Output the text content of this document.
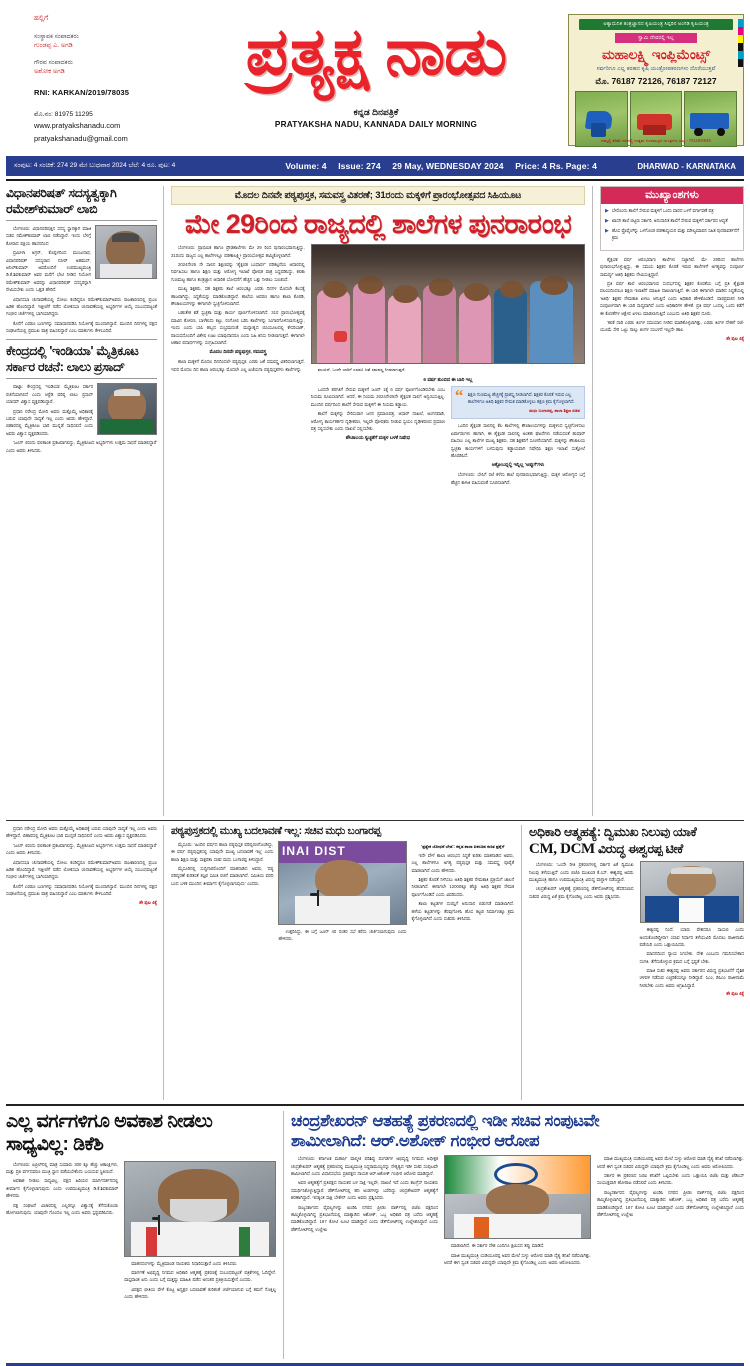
ಹಲ್ಲಿಗೆ
ಸಂಸ್ಥಾಪಕ ಸಂಪಾದಕರು
ಗುಂಡಪ್ಪ ಎ. ಅಗಡಿ
ಗೌರವ ಸಂಪಾದಕರು
ಅಶೋಕ ಅಗಡಿ
RNI: KARKAN/2019/78035
ಮೊ.ನಂ: 81975 11295
www.pratyakshanadu.com
pratyakshanadu@gmail.com
ಪ್ರತ್ಯಕ್ಷ ನಾಡು
ಕನ್ನಡ ದಿನಪತ್ರಿಕೆ
PRATYAKSHA NADU, KANNADA DAILY MORNING
ಅತ್ಯಾಧುನಿಕ ತಂತ್ರಜ್ಞಾನದ ಕೃಷಿಯಂತ್ರ ಸಿಪ್ಪರಿನ ಅಂಗಡಿ ಕೃಷಿಯಂತ್ರ
ಸ್ವಾಮಿ ದೇವರಲ್ಲಿ ಇಲ್ಲ
ಮಹಾಲಕ್ಷ್ಮಿ ಇಂಪ್ಲಿಮೆಂಟ್ಸ್
ಸರ್ವರಿಗೂ ಎಲ್ಲ ತರಹದ ಕೃಷಿ ಯಂತ್ರೋಪಕರಣಗಳು ದೊರೆಯುತ್ತವೆ
ಮೊ. 76187 72126, 76187 72127
ನಮ್ಮಲ್ಲಿ ಕಡಿಮೆ ದರದಲ್ಲಿ ಉತ್ತಮ ಗುಣಮಟ್ಟದ ಯಂತ್ರಗಳು ಲಭ್ಯ - 76119/6949
ಸಂಪುಟ: 4 ಸಂಚಿಕೆ: 274 29 ಮೇ ಬುಧವಾರ 2024 ಬೆಲೆ: 4 ರೂ. ಪುಟ: 4	Volume: 4 Issue: 274 29 May, WEDNESDAY 2024 Price: 4 Rs. Page: 4	DHARWAD - KARNATAKA
ವಿಧಾನಪರಿಷತ್ ಸದಸ್ಯತ್ವಕ್ಕಾಗಿ ರಮೇಶ್‍ಕುಮಾರ್ ಲಾಬಿ

ಬೆಂಗಳೂರು: ವಿಧಾನಪರಿಷತ್ತಿನ ಸದಸ್ಯ ಸ್ಥಾನಕ್ಕಾಗಿ ಮಾಜಿ ಸಚಿವ ರಮೇಶ್‍ಕುಮಾರ್ ಲಾಬಿ ನಡೆಸಿದ್ದಾರೆ. ಇಂದು ಬೆಳಗ್ಗೆ ಕೋರಾದ ಪಕ್ಷಿಯ ಹಾಸನದಿಂದ

ಪ್ರಮೀಳಾ ಅಗ್ರರ್, ಕೊಪ್ಪಳದಿಂದ ಮಂಜುನಾಥ, ವಿಧಾನಪರಿಷತ್ ಸದಸ್ಯರಾದ ನಸೀರ್ ಅಹಮದ್, ಅನಿಲ್‍ಕುಮಾರ್ ಅವರೊಂದಿಗೆ ಉಪಮುಖ್ಯಮಂತ್ರಿ ಡಿ.ಕೆ.ಶಿವಕುಮಾರ್ ಅವರ ಮನೆಗೆ ಭೇಟಿ ನೀಡಿದ ನಿಯೋಗ ರಮೇಶ್‍ಕುಮಾರ್ ಅವರನ್ನು ವಿಧಾನಪರಿಷತ್ ಸದಸ್ಯರನ್ನಾಗಿ ನೇಮಿಸಬೇಕು ಎಂದು ಒತ್ತಡ ಹೇರಿದೆ.

ವಿಧಾನಸಭಾ ಚುನಾವಣೆಯಲ್ಲಿ ಸೋಲು ಕಂಡಿದ್ದರೂ ರಮೇಶ್‍ಕುಮಾರ್‍ಅವರು ರಾಜಕಾರಣದಲ್ಲಿ ಪ್ರಬಲ ಹಿಡಿತ ಹೊಂದಿದ್ದಾರೆ. ಇತ್ತೀಚೆಗೆ ನಡೆದ ಲೋಕಸಭಾ ಚುನಾವಣೆಯಲ್ಲಿ ಅಭ್ಯರ್ಥಿಗಳ ಆಯ್ಕೆ ಸಂಬಂಧಪಟ್ಟಂತೆ ಗಂಭೀರ ಚರ್ಚೆಗಳಲ್ಲಿ ಭಾಗಿಯಾಗಿದ್ದರು.

ಕೊನೆಗೆ ಎರಡೂ ಬಣಗಳನ್ನು ಸಮಾಧಾನಪಡಿಸಿ ನಿಯೋಗಕ್ಕೆ ಮುಂದಾಗಿದ್ದಾರೆ. ಮುಂದಿನ ದಿನಗಳಲ್ಲಿ ಪಕ್ಷದ ಸಂಘಟನೆಯಲ್ಲಿ ಪ್ರಮುಖ ಪಾತ್ರ ವಹಿಸಲಿದ್ದಾರೆ ಎಂಬ ಮಾತುಗಳು ಕೇಳಿಬಂದಿವೆ.

ಕೇಂದ್ರದಲ್ಲಿ 'ಇಂಡಿಯಾ' ಮೈತ್ರಿಕೂಟ ಸರ್ಕಾರ ರಚನೆ: ಲಾಲು ಪ್ರಸಾದ್

ಪಾಟ್ನಾ: ಕೇಂದ್ರದಲ್ಲಿ 'ಇಂಡಿಯಾ' ಮೈತ್ರಿಕೂಟ ಸರ್ಕಾರ ರಚನೆಯಾಗಲಿದೆ ಎಂದು ಆರ್‍ಜೆಡಿ ವರಿಷ್ಠ ಲಾಲು ಪ್ರಸಾದ್ ಯಾದವ್ ವಿಶ್ವಾಸ ವ್ಯಕ್ತಪಡಿಸಿದ್ದಾರೆ.

ಪ್ರಧಾನಿ ನರೇಂದ್ರ ಮೋದಿ ಅವರು ಮತ್ತೊಮ್ಮೆ ಅಧಿಕಾರಕ್ಕೆ ಬರುವ ಯಾವುದೇ ಸಾಧ್ಯತೆ ಇಲ್ಲ ಎಂದು ಅವರು ಹೇಳಿದ್ದಾರೆ. ಬಿಹಾರದಲ್ಲಿ ಮೈತ್ರಿಕೂಟ ಭಾರಿ ಮುನ್ನಡೆ ಸಾಧಿಸಲಿದೆ ಎಂದು ಅವರು ವಿಶ್ವಾಸ ವ್ಯಕ್ತಪಡಿಸಿದರು.

'ಜೂನ್ 4ರಂದು ಫಲಿತಾಂಶ ಪ್ರಕಟವಾಗಲಿದ್ದು, ಮೈತ್ರಿಕೂಟದ ಅಭ್ಯರ್ಥಿಗಳು ಉತ್ತಮ ಸಾಧನೆ ಮಾಡಲಿದ್ದಾರೆ' ಎಂದು ಅವರು ತಿಳಿಸಿದರು.

ಮೊದಲ ದಿನವೇ ಪಠ್ಯಪುಸ್ತಕ, ಸಮವಸ್ತ್ರ ವಿತರಣೆ; 31ರಂದು ಮಕ್ಕಳಿಗೆ ಪ್ರಾರಂಭೋತ್ಸವದ ಸಿಹಿಯೂಟ
ಮೇ 29ರಿಂದ ರಾಜ್ಯದಲ್ಲಿ ಶಾಲೆಗಳ ಪುನರಾರಂಭ

ಬೆಂಗಳೂರು: ಪ್ರಾಥಮಿಕ ಹಾಗೂ ಪ್ರೌಢಶಾಲೆಗಳು ಮೇ 29 ರಿಂದ ಪುನಾರಂಭವಾಗುತ್ತಿದ್ದು, 31ರಂದು ರಾಜ್ಯದ ಎಲ್ಲ ಶಾಲೆಗಳಲ್ಲೂ ಪಠಣಾಲಕ್ಷ್ಮೀ ಪ್ರಾರಂಭೋತ್ಸವ ಹಮ್ಮಿಕೊಳ್ಳಲಾಗಿದೆ.

2024ನೇ25 ನೇ ಸಾಲಿನ ಶಿಕ್ಷಣವನ್ನು 'ಶೈಕ್ಷಣಿಕ ಬಂಧಾರ್ಥ' ಪರಿಕಲ್ಪನೆಯ ಆಧಾರದಲ್ಲಿ ನಿರ್ವಹಿಸಲು ಹಾಗೂ ಶಿಕ್ಷಣ ಮತ್ತು ಆರೋಗ್ಯ ಇಲಾಖೆ ಪೋಷಕ ಪಾತ್ರ ಸಿದ್ಧಪಡಿಸಿದ್ದು, ಕಲಿಕಾ ಗುಣಮಟ್ಟ ಹಾಗೂ ಶಂತ್ರಜ್ಞಾನ ಆಧಾರಿತ ಬೋಧನೆಗೆ ಹೆಚ್ಚಿನ ಒತ್ತು ನೀಡಲು ಸೂಚಿಸಿದೆ.

ಮುಖ್ಯ ಶಿಕ್ಷಕರು, ಸಹ ಶಿಕ್ಷಕರು ಶಾಲೆ ಆರಂಭಕ್ಕೂ ಎರಡು ದಿನಗಳ ಮೊದಲೇ ಕೆಲಸಕ್ಕೆ ಹಾಜರಾಗಿದ್ದು, ಸಿದ್ಧತೆಯನ್ನು ಮಾಡಿಕೊಂಡಿದ್ದಾರೆ. ಶಾಲೆಯ ಆವರಣ ಹಾಗೂ ಶಾಲಾ ಕೊಠಡಿ, ಶೌಚಾಲಯಗಳನ್ನು ಈಗಾಗಲೇ ಸ್ವಚ್ಛಗೊಳಿಸಲಾಗಿದೆ.

ಬಹುತೇಕ ಕಡೆ ಸ್ವಚ್ಛತಾ ಮತ್ತು ಕಾರ್ಯ ಪೂರ್ಣಗೊಳಿಸಲಾಗಿದೆ. 31ರ ಪ್ರಾರಂಭೋತ್ಸವಕ್ಕೆ ಮಾವಿನ ತೋರಣ, ಬಾಳೆಕಂದು ಕಟ್ಟು, ರಂಗೋಲಿ ಬರಿಸಿ ಶಾಲೆಗಳನ್ನು ಸಿಂಗಾರಗೊಳಿಸಲಾಗುತ್ತಿದ್ದು, ಇಂದು ಎಂದು ಬಾಸಿ ಹಬ್ಬದ ಸಂಭ್ರಮದಂತೆ. ಮಧ್ಯಾಹ್ನದ ಬಿಸಿಯೂಟದಲ್ಲಿ ಕೇಸರಿಬಾತ್, ಪಾಯಸದೊಂದಿಗೆ ವಿಶೇಷ ಊಟ ಯಾವುದಾದರೂ ಎಂದು ಸಿಹಿ ತಿನಿಸು ನೀಡಲಾಗುತ್ತದೆ. ಈಗಾಗಲೇ ಆಹಾರ ಪದಾರ್ಥಗಳನ್ನು ಸಂಗ್ರಹಿಸಲಾಗಿದೆ.

ಮೊದಲ ದಿನವೇ ಪಠ್ಯಪುಸ್ತಕ, ಸಮವಸ್ತ್ರ

ಶಾಲಾ ಮಕ್ಕಳಿಗೆ ಮೊದಲ ದಿನದಿಂದಲೇ ಪಠ್ಯಪುಸ್ತಕ. ಎರಡು ಜತೆ ಸಮವಸ್ತ್ರ ವಿತರಿಸಲಾಗುತ್ತದೆ. ಇದರ ಮೊದಲ ದಿನ ಶಾಲಾ ಆರಂಭಕ್ಕೂ ಮೊದಲೇ ಎಲ್ಲ ಏಜೆಯಗಾ ಪಠ್ಯಪುಸ್ತಕಗಳು ಶಾಲೆಗಳನ್ನು	ತಲುಪಿದೆ. ಒಂದೇ ಬಾರಿಗೆ ಎರಡೂ ಜತೆ ಸಮವಸ್ತ್ರ ನೀಡಲಾಗುತ್ತದೆ.

6 ವರ್ಷ ತುಂಬಿದ ಈ ಬಾರಿ ಇಲ್ಲ

ಒಂದನೇ ತರಗತಿಗೆ ಸೇರುವ ಮಕ್ಕಳಿಗೆ ಜೂನ್ 1ಕ್ಕೆ 6 ವರ್ಷ ಪೂರ್ಣಗೊಂಡಿರಬೇಕು ಎಂಬ ನಿಯಮ ರೂಪಿಸಲಾಗಿದೆ. ಆದರೆ, ಈ ನಿಯಮ 2024ನೇ25ನೇ ಶೈಕ್ಷಣಿಕ ಸಾಲಿಗೆ ಅನ್ವಯಿಸುತ್ತಿಲ್ಲ. ಮುಂದಿನ ವರ್ಷದಿಂದ ಶಾಲೆಗೆ ಸೇರುವ ಮಕ್ಕಳಿಗೆ ಈ ನಿಯಮ ಕಡ್ಡಾಯ.

ಶಾಲೆಗೆ ಮಕ್ಕಳನ್ನು ಸೇರಿಸುವಾಗ ಜನನ ಪ್ರಮಾಣಪತ್ರ, ಆಧಾರ್ ದಾಖಲೆ, ಅಂಗನವಾಡಿ, ಆರೋಗ್ಯ ಕಾರ್ಯಕರ್ತರ ದೃಢೀಕರಣ, ಇಲ್ಲವೇ ಪೋಷಕರು ನೀಡುವ ಸ್ವಯಂ ದೃಢೀಕರಣದ ಪ್ರಮಾಣ ಪತ್ರ ಸಲ್ಲಿಸಬೇಕು ಎಂದು ದಾಖಲೆ ಸಲ್ಲಿಸಬೇಕು.

ಶೌಚಾಲಯ ಸ್ವಚ್ಛತೆಗೆ ಮಕ್ಕಳ ಬಳಕೆ ನಿಷೇಧ
“ ಶಿಕ್ಷಣ ಗುಣಮಟ್ಟ ಹೆಚ್ಚಳಕ್ಕೆ ಪ್ರಾಶಸ್ತ್ಯ ನೀಡಲಾಗಿದೆ. ಶಿಕ್ಷಕರ ಕೊರತೆ ಇರುವ ಎಲ್ಲ ಶಾಲೆಗಳಿಗೂ ಅತಿಥಿ ಶಿಕ್ಷಕರ ನೇಮಕ ಮಾಡಿಕೊಳ್ಳಲು ತಕ್ಷಣ ಕ್ರಮ ಕೈಗೊಳ್ಳಲಾಗಿದೆ.
ಮಧು ಬಂಗಾರಪ್ಪ, ಶಾಲಾ ಶಿಕ್ಷಣ ಸಚಿವ

ಒಂದಿನ ಶೈಕ್ಷಣಿಕ ಸಾಲಿನಲ್ಲಿ ಕೆಲ ಶಾಲೆಗಳಲ್ಲಿ ಶೌಚಾಲಯಗಳನ್ನು ಮಕ್ಕಳಿಂದ ಸ್ವಚ್ಛಗೊಳಿಸಲು ಏರ್ಪಾಡುಗಳು ಹಾಗಾಗಿ, ಈ ಶೈಕ್ಷಣಿಕ ಸಾಲಿನಲ್ಲಿ ಅಂತಹ ಘಟನೆಗಳು ನಡೆಯದಂತೆ ಹುಷಾರ್ ವಹಿಸಲು ಎಲ್ಲ ಶಾಲೆಗಳ ಮುಖ್ಯ ಶಿಕ್ಷಕರು, ಸಹ ಶಿಕ್ಷಕರಿಗೆ ಸೂಚನೆಯಾಗಿದೆ. ಮಕ್ಕಳನ್ನು ಶೌಚಾಲಯ ಸ್ವಚ್ಛತಾ ಕಾರ್ಯಗಳಿಗೆ ಬಳಸುವುದು ಕಡ್ಡಾಯವಾಗಿ ನಿಷೇಧಿಸಿ ಶಿಕ್ಷಣ ಇಲಾಖೆ ಸುತ್ತೋಲೆ ಹೊರಡಿಸಿದೆ.

ಅಕ್ಟೋಬರ್‍ನಲ್ಲಿ ಇನ್ನಿಲ್ಲ 'ಅಪ್ಪುಗೆ'ಗಳು

ಬೆಂಗಳೂರು: ಬೇಸಿಗೆ ರಜೆ ಕಳೆದು ಶಾಲೆ ಪುನರಾರಂಭವಾಗುತ್ತಿದ್ದು, ಮಕ್ಕಳ ಆರೋಗ್ಯದ ಬಗ್ಗೆ ಹೆಚ್ಚಿನ ಕಾಳಜಿ ವಹಿಸುವಂತೆ ಸೂಚಿಸಲಾಗಿದೆ.

ಮುಖ್ಯಾಂಶಗಳು
▶ ಬೇರೊಂದು ಶಾಲೆಗೆ ಸೇರುವ ಮಕ್ಕಳಿಗೆ ಒಂದು ವಾರದ ಒಳಗೆ ವರ್ಗಾವಣೆ ಪತ್ರ
▶ ಖಾಸಗಿ ಶಾಲೆ ಬಿಟ್ಟರು ಸರ್ಕಾರಿ, ಅನುದಾನಿತ ಶಾಲೆಗೆ ಸೇರುವ ಮಕ್ಕಳಿಗೆ ಸರ್ಕಾರದ ಆದ್ಯತೆ
▶ ಹೊಸ ಪ್ರೊಫೈಲ್‍ನ್ನು ಒಳಗೊಂಡ ಪಠಣಾಧ್ಯಯನ ಮತ್ತು ಮೌಲ್ಯಮಾಪನ ಸಹಿತ ಪುನರಾವರ್ತನೆಗೆ ಕ್ರಮ

ಶೈಕ್ಷಣಿಕ ವರ್ಷ ಆರಂಭವಾಗು ಶಾಲೆಗಳು ಸಜ್ಜಾಗಿವೆ. ಮೇ 29ರಿಂದ ಶಾಲೆಗಳು ಪುನಾರಂಭಗೊಳ್ಳುತ್ತಿದ್ದು, ಈ ಸಮಯ ಶಿಕ್ಷಕರ ಕೊರತೆ ಇರುವ ಶಾಲೆಗಳಿಗೆ ಅಗತ್ಯವನ್ನು ಸಂಪೂರ್ಣ ಸಾಮರ್ಥ್ಯ ಅತಿಥಿ ಶಿಕ್ಷಕರು ನೇಮಿಸುತ್ತಿದ್ದಾರೆ.

ಪ್ರತಿ ವರ್ಷ ಶಾಲೆ ಆರಂಭವಾಗುವ ಸಂದರ್ಭದಲ್ಲಿ ಶಿಕ್ಷಕರ ಕೊರತೆಯ ಬಗ್ಗೆ ಪ್ರತಿ ಶೈಕ್ಷಣಿಕ ವಲಯದಿಂದಲೂ ಶಿಕ್ಷಣ ಇಲಾಖೆಗೆ ಮಾಹಿತಿ ದಾಖಲಾಗುತ್ತಿದೆ. ಈ ಬಾರಿ ಈಗಾಗಲೇ ಮಾಡಿದ ಸಿದ್ಧತೆಯಲ್ಲಿ 'ಅತಿಥಿ' ಶಿಕ್ಷಕರ ನೇಮಕಾತಿ ಏಳಲು ಆಗುತ್ತಿದೆ ಎಂದು ಅಧಿಕಾರಿ ಹೇಳಿಕೊಂಡಿದೆ. ಪಾಠಪ್ರವಚನ ನೀಡಿ ಸಂಪೂರ್ಣವಾಗಿ ಈ ಬಾರಿ ಸಾಧ್ಯವಾಗಿದೆ ಎಂದು ಅಧಿಕಾರಿಗಳ ಹೇಳಿಕೆ. ಪ್ರತಿ ವರ್ಷ ಒಂದಲ್ಲ ಒಂದು ಕಡೆಗೆ ಈ ಕೊರತೆಗಳ ಆಕ್ಷೇಪ ಏಳಲು ಮಾಡಲಾಗುತ್ತಿದೆ ಎಂಬುದು ಅತಿಥಿ ಶಿಕ್ಷಕರ ದೂರು.

'ಕಲಿಕೆ ದಾರಿ ಎರಡು ತಿಂಗಳ ಸಮಯಾನ ನೀಡಿದ ಮಾಡಿಕೊಳ್ಳಲಾಗಿತ್ತು, ಎರಡು ತಿಂಗಳ ದೇಹಗೆ ರಜೆ-ಯೂಮೆ ಸೇರಿ ಒಟ್ಟು ನಾಲ್ಕು ತಿಂಗಳ ಸಂಬಳದೆ ಇಲ್ಲದೇ ಹಾಲ

ಶೇ ಪುಟ 4ಕ್ಕೆ

ಪ್ರಧಾನಿ ನರೇಂದ್ರ ಮೋದಿ ಅವರು ಮತ್ತೊಮ್ಮೆ ಅಧಿಕಾರಕ್ಕೆ ಬರುವ ಯಾವುದೇ ಸಾಧ್ಯತೆ ಇಲ್ಲ ಎಂದು ಅವರು ಹೇಳಿದ್ದಾರೆ. ಬಿಹಾರದಲ್ಲಿ ಮೈತ್ರಿಕೂಟ ಭಾರಿ ಮುನ್ನಡೆ ಸಾಧಿಸಲಿದೆ ಎಂದು ಅವರು ವಿಶ್ವಾಸ ವ್ಯಕ್ತಪಡಿಸಿದರು.

'ಜೂನ್ 4ರಂದು ಫಲಿತಾಂಶ ಪ್ರಕಟವಾಗಲಿದ್ದು, ಮೈತ್ರಿಕೂಟದ ಅಭ್ಯರ್ಥಿಗಳು ಉತ್ತಮ ಸಾಧನೆ ಮಾಡಲಿದ್ದಾರೆ' ಎಂದು ಅವರು ತಿಳಿಸಿದರು.

ವಿಧಾನಸಭಾ ಚುನಾವಣೆಯಲ್ಲಿ ಸೋಲು ಕಂಡಿದ್ದರೂ ರಮೇಶ್‍ಕುಮಾರ್‍ಅವರು ರಾಜಕಾರಣದಲ್ಲಿ ಪ್ರಬಲ ಹಿಡಿತ ಹೊಂದಿದ್ದಾರೆ. ಇತ್ತೀಚೆಗೆ ನಡೆದ ಲೋಕಸಭಾ ಚುನಾವಣೆಯಲ್ಲಿ ಅಭ್ಯರ್ಥಿಗಳ ಆಯ್ಕೆ ಸಂಬಂಧಪಟ್ಟಂತೆ ಗಂಭೀರ ಚರ್ಚೆಗಳಲ್ಲಿ ಭಾಗಿಯಾಗಿದ್ದರು.

ಕೊನೆಗೆ ಎರಡೂ ಬಣಗಳನ್ನು ಸಮಾಧಾನಪಡಿಸಿ ನಿಯೋಗಕ್ಕೆ ಮುಂದಾಗಿದ್ದಾರೆ. ಮುಂದಿನ ದಿನಗಳಲ್ಲಿ ಪಕ್ಷದ ಸಂಘಟನೆಯಲ್ಲಿ ಪ್ರಮುಖ ಪಾತ್ರ ವಹಿಸಲಿದ್ದಾರೆ ಎಂಬ ಮಾತುಗಳು ಕೇಳಿಬಂದಿವೆ.

ಶೇ ಪುಟ 4ಕ್ಕೆ
ಪಠ್ಯಪುಸ್ತಕದಲ್ಲಿ ಮುಖ್ಯ ಬದಲಾವಣೆ ಇಲ್ಲ: ಸಚಿವ ಮಧು ಬಂಗಾರಪ್ಪ

ಮೈಸೂರು: 'ಹಿಂದಿನ ವರ್ಷದ ಶಾಲಾ ಪಠ್ಯಪುಸ್ತಕ ಪರಿಷ್ಕರಣಗೊಂಡಿದ್ದು, ಈ ವರ್ಷ ಪಠ್ಯಪುಸ್ತಕದಲ್ಲಿ ಯಾವುದೇ ಮುಖ್ಯ ಬದಲಾವಣೆ ಇಲ್ಲ' ಎಂದು ಶಾಲಾ ಶಿಕ್ಷಣ ಮತ್ತು ಸಾಕ್ಷರತಾ ಸಚಿವ ಮಧು ಬಂಗಾರಪ್ಪ ತಿಳಿಸಿದ್ದಾರೆ.

ಮೈಸೂರಿನಲ್ಲಿ ಸುದ್ದಿಗಾರರೊಂದಿಗೆ ಮಾತನಾಡಿದ ಅವರು, 'ಪಠ್ಯ ಪರಿಷ್ಕರಣೆ ಕುರಿತಂತೆ ತಜ್ಞರ ಸಮಿತಿ ರಚನೆ ಮಾಡಲಾಗಿದೆ. ಸಮಿತಿಯ ವರದಿ ಬಂದ ಬಳಿಕ ಮುಂದಿನ ತೀರ್ಮಾನ ಕೈಗೊಳ್ಳಲಾಗುವುದು' ಎಂದರು.

INAI DIST

ಉತ್ತರಿಸಿದ್ದು, ಈ ಬಗ್ಗೆ ಜೂನ್ 4ರ ನಂತರ ಸಭೆ ಕರೆದು ಚರ್ಚಿಸಲಾಗುವುದು ಎಂದು ಹೇಳಿದರು.

'ಪ್ರತ್ಯೇಕ ಬೋಧನೆ ಬೇಡ': ಕನ್ನಡ ಶಾಲಾ ಏಕರೂಪ ಕುರಿತ ಪ್ರಶ್ನೆಗೆ

ಇದೇ ವೇಳೆ ಶಾಲಾ ಆರಂಭದ ಸಿದ್ಧತೆ ಕುರಿತು ಮಾತನಾಡಿದ ಅವರು, ಎಲ್ಲ ಶಾಲೆಗಳಿಗೂ ಅಗತ್ಯ ಪಠ್ಯಪುಸ್ತಕ ಮತ್ತು ಸಮವಸ್ತ್ರ ಪೂರೈಕೆ ಮಾಡಲಾಗಿದೆ ಎಂದು ಹೇಳಿದರು.

ಶಿಕ್ಷಕರ ಕೊರತೆ ನೀಗಿಸಲು ಅತಿಥಿ ಶಿಕ್ಷಕರ ನೇಮಕಾತಿ ಪ್ರಕ್ರಿಯೆಗೆ ಚಾಲನೆ ನೀಡಲಾಗಿದೆ. ಈಗಾಗಲೇ 12000ಕ್ಕೂ ಹೆಚ್ಚು ಅತಿಥಿ ಶಿಕ್ಷಕರ ನೇಮಕ ಪೂರ್ಣಗೊಂಡಿದೆ ಎಂದು ವಿವರಿಸಿದರು.

ಶಾಲಾ ಕಟ್ಟಡಗಳ ದುರಸ್ತಿಗೆ ಅನುದಾನ ಬಿಡುಗಡೆ ಮಾಡಲಾಗಿದೆ. ಹಳೆಯ ಕಟ್ಟಡಗಳನ್ನು ತೆರವುಗೊಳಿಸಿ ಹೊಸ ಕಟ್ಟಡ ನಿರ್ಮಾಣಕ್ಕೂ ಕ್ರಮ ಕೈಗೊಳ್ಳಲಾಗಿದೆ ಎಂದು ಸಚಿವರು ತಿಳಿಸಿದರು.

ಅಧಿಕಾರಿ ಆತ್ಮಹತ್ಯೆ: ದ್ವಿಮುಖ ನಿಲುವು ಯಾಕೆ
CM, DCM ವಿರುದ್ಧ ಈಶ್ವರಪ್ಪ ಟೀಕೆ

ಬೆಂಗಳೂರು: 'ಒಂದೇ ರೀತಿ ಪ್ರಕರಣಗಳಲ್ಲಿ ಸರ್ಕಾರ ಏಕೆ ದ್ವಿಮುಖ ನಿಲುವು ತಳೆಯುತ್ತಿದೆ' ಎಂದು ಬಿಜೆಪಿ ಮುಖಂಡ ಕೆ.ಎಸ್. ಈಶ್ವರಪ್ಪ ಅವರು ಮುಖ್ಯಮಂತ್ರಿ ಹಾಗೂ ಉಪಮುಖ್ಯಮಂತ್ರಿ ವಿರುದ್ಧ ವಾಗ್ದಾಳಿ ನಡೆಸಿದ್ದಾರೆ.

ಚಂದ್ರಶೇಖರನ್ ಆತ್ಮಹತ್ಯೆ ಪ್ರಕರಣದಲ್ಲಿ ಡೆತ್‍ನೋಟ್‍ನಲ್ಲಿ ಹೆಸರಿಸಲಾದ ಸಚಿವರ ವಿರುದ್ಧ ಏಕೆ ಕ್ರಮ ಕೈಗೊಂಡಿಲ್ಲ ಎಂದು ಅವರು ಪ್ರಶ್ನಿಸಿದರು.

ಈಶ್ವರಪ್ಪ ನಿಂದೆ. ಯಾರು ಪೇಶದರೂ ಸಾಯಲಿ ಎಂದು ಅಂದುಕೊಂಡಿದ್ದೀರಾ? ಯಾವ ನಿರ್ಧಾರ ತಳೆಯುವಿರಿ ಮೊದಲು ರಾಜೀನಾಮೆ ಪಡೆಯಿರಿ ಎಂದು ಒತ್ತಾಯಿಸಿದರು.

ಮಾದನದಿಂದ ನ್ಯಾಯ ಸಿಗಬೇಕು. ದೇಶ ಎಂಬುದು ಗಮನಿಸಬೇಕಾದ ಸಂಗತಿ. ತೆಗೆದುಕೊಳ್ಳುವ ಕ್ರಮದ ಬಗ್ಗೆ ಸ್ಪಷ್ಟತೆ ಬೇಕು.

ಮಾಜಿ ಸಚಿವ ಈಶ್ವರಪ್ಪ ಅವರು ಸರ್ಕಾರದ ವಿರುದ್ಧ ಪ್ರತಿಭಟನೆಗೆ ದೈಶಿಕ ಚಳವಳಿ ನಡೆಸುವ ಎಚ್ಚರಿಕೆಯನ್ನೂ ನೀಡಿದ್ದಾರೆ. ಸಿಎಂ, ಡಿಸಿಎಂ ರಾಜೀನಾಮೆ ನೀಡಬೇಕು ಎಂದು ಅವರು ಆಗ್ರಹಿಸಿದ್ದಾರೆ.

ಶೇ ಪುಟ 4ಕ್ಕೆ
ಎಲ್ಲ ವರ್ಗಗಳಿಗೂ ಅವಕಾಶ ನೀಡಲು ಸಾಧ್ಯವಿಲ್ಲ: ಡಿಕೆಶಿ

ಬೆಂಗಳೂರು: ಏಪ್ರಿಲ್‍ನಲ್ಲಿ ಮಾತ್ರ ಸುಮಾರು 300 ಕ್ಕೂ ಹೆಚ್ಚು ಆಕಾಂಕ್ಷಿಗಳು, ಮತ್ತು ಪ್ರತಿ ವರ್ಗದವರೂ ಮಂತ್ರಿ ಸ್ಥಾನ ಪಡೆಯಬೇಕೆಂದು ಬಯಸುವ ಸ್ಥಿತಿಯಿದೆ.

ಅವಕಾಶ ನೀಡಲು ಸಾಧ್ಯವಿಲ್ಲ. ಪಕ್ಷದ ಹಿರಿಯರ ಮಾರ್ಗದರ್ಶನದಲ್ಲಿ ತೀರ್ಮಾನ ಕೈಗೊಳ್ಳಲಾಗುವುದು ಎಂದು ಉಪಮುಖ್ಯಮಂತ್ರಿ ಡಿ.ಕೆ.ಶಿವಕುಮಾರ್ ಹೇಳಿದರು.

ಪಕ್ಷ ಸಂಘಟನೆ ವಿಚಾರದಲ್ಲಿ ಎಲ್ಲರನ್ನೂ ವಿಶ್ವಾಸಕ್ಕೆ ತೆಗೆದುಕೊಂಡು ಹೋಗಲಾಗುವುದು. ಯಾವುದೇ ಗೊಂದಲ ಇಲ್ಲ ಎಂದು ಅವರು ಸ್ಪಷ್ಟಪಡಿಸಿದರು.

ಮಾತನದಂಗಳನ್ನು ಮೈತ್ರಿಮಾಂಡ ನಾಯಕರು ನಿಧಾರಿಸುತ್ತಾರೆ ಎಂದು ತಿಳಿಸಿದರು.

ಮಾರ್ಗಣೆ ಅಭಿವೃದ್ಧಿ ನಿಗಮದ ಅಧಿಕಾರಿ ಆತ್ಮಹತ್ಯೆ ಪ್ರಕರಣಕ್ಕೆ ಸಂಬಂಧಪಟ್ಟಂತೆ ಪತ್ರಿಕೆಗಳಲ್ಲಿ ಓದಿದ್ದೇನೆ. ವಾಸ್ತವಾಂಶ ಏನು ಎಂದು ಬಗ್ಗೆ ಮತ್ತಷ್ಟು ಮಾಹಿತಿ ಪಡೆದ ಅನಂತರ ಪ್ರತಿಕ್ರಿಯಿಸುತ್ತೇನೆ ಎಂದರು.

ವಿಪಕ್ಷದ ಭೀತಿಯ ವೇಳೆ ಕೊಟ್ಟ ಅಧ್ಯಕ್ಷರ ಬದಲಾವಣೆ ಕುರಿತಂತೆ ಚರ್ಚೆಯಾಗುವ ಬಗ್ಗೆ ತಮಗೆ ಗೊತ್ತಿಲ್ಲ ಎಂದು ಹೇಳಿದರು.

ಚಂದ್ರಶೇಖರನ್ ಆತಹತ್ಯೆ ಪ್ರಕರಣದಲ್ಲಿ ಇಡೀ ಸಚಿವ ಸಂಪುಟವೇ
ಶಾಮೀಲಾಗಿದೆ: ಆರ್.ಅಶೋಕ್ ಗಂಭೀರ ಆರೋಪ

ಬೆಂಗಳೂರು: ಕರ್ನಾಟಕ ಮಹರ್ಷಿ ವಾಲ್ಮೀಕಿ ಪರಿಶಿಷ್ಟ ಪಂಗಡಗಳ ಅಭಿವೃದ್ಧಿ ನಿಗಮದ ಅಧೀಕ್ಷಕ ಚಂದ್ರಶೇಖರನ್ ಆತ್ಮಹತ್ಯೆ ಪ್ರಕರಣದಲ್ಲಿ ಮುಖ್ಯಮಂತ್ರಿ ಸಿದ್ದರಾಮಯ್ಯನನ್ನು ನೇತೃತ್ವದ ಇಡೀ ಸಚಿವ ಸಂಪುಟವೇ ಶಾಮೀಲಾಗಿದೆ ಎಂದು ವಿಧಾನಸಭೆಯ ಪ್ರತಿಪಕ್ಷದ ನಾಯಕ ಆರ್.ಅಶೋಕ್ ಗಂಭೀರ ಆರೋಪ ಮಾಡಿದ್ದಾರೆ.

ಅವರ ಆತ್ಮಹತ್ಯೆಗೆ ಪ್ರತಿಪಕ್ಷದ ನಾಯಕರ ಬಳ ಸಾಕ್ಷಿ ಇಲ್ಲವೇ, ದಾಖಲೆ ಇದೆ ಎಂದು ಕಾಂಗ್ರೆಸ್ ನಾಯಕರು ಸಮರ್ಥಿಸಿಕೊಳ್ಳುತ್ತಿದ್ದಾರೆ. ಡೆತ್‍ನೋಟ್‍ನಲ್ಲಿ ಹನಿ ಅಂಡಗಳನ್ನು ಬರೆದಿದ್ದು ಚಂದ್ರಶೇಖರನ್ ಆತ್ಮಹತ್ಯೆಗೆ ಶರಣಾಗಿದ್ದಾರೆ. ಇದಕ್ಕಿಂತ ಸಾಕ್ಷಿ ಬೇಕೇನ್ ಎಂದು ಅವರು ಪ್ರಶ್ನಿಸಿದರು.

ರಾಜ್ಯಸರ್ಕಾರದ ವೈಫಲ್ಯಗಳನ್ನು ಖಂಡಿಸಿ ನಗರದ ಪ್ರೀಡಂ ಪಾರ್ಕ್‍ನಲ್ಲಿ ಬಿಜೆಪಿ ಪಕ್ಷದಿಂದ ಹಮ್ಮಿಕೊಳ್ಳಲಾಗಿದ್ದ ಪ್ರತಿಭಟನೆಯಲ್ಲಿ ಮಾತ್ಯಾಡಿದ ಅಶೋಕ್, ಒಬ್ಬ ಅಧಿಕಾರಿ ಪತ್ರ ಬರೆದು ಆತ್ಮಹತ್ಯೆ ಮಾಡಿಕೊಂಡಿದ್ದಾರೆ. 187 ಕೋಟಿ ಲೂಟಿ ಮಾಡಿದ್ದಾರೆ ಎಂದು ಡೆತ್‍ನೋಟ್‍ನಲ್ಲಿ ಉಲ್ಲೇಖಿಸಿದ್ದಾರೆ ಎಂದು ಡೆತ್‍ನೋಟ್‍ನಲ್ಲಿ ಉಲ್ಲೇಖ

ಮಾಡಲಾಗಿದೆ. ಈ ಸರ್ಕಾರ ದೇಶ ಎಂದಿಗೂ ಕ್ಷಮಿಸದ ತಪ್ಪು ಮಾಡಿದೆ.

ಮಾಜಿ ಮುಖ್ಯಮಂತ್ರಿ ಯಡಿಯೂರಪ್ಪ ಅವರ ಮೇಲೆ ಸುಳ್ಳು ಆರೋಪ ಮಾಡಿ ದೈತ್ಯ ತನಿಖೆ ನಡೆಸಲಾಗಿತ್ತು. ಆದರೆ ಈಗ ಸ್ವಂತ ಸಚಿವರ ವಿರುದ್ಧವೇ ಯಾವುದೇ ಕ್ರಮ ಕೈಗೊಂಡಿಲ್ಲ ಎಂದು ಅವರು ಆರೋಪಿಸಿದರು.

ಮಾಜಿ ಮುಖ್ಯಮಂತ್ರಿ ಯಡಿಯೂರಪ್ಪ ಅವರ ಮೇಲೆ ಸುಳ್ಳು ಆರೋಪ ಮಾಡಿ ದೈತ್ಯ ತನಿಖೆ ನಡೆಸಲಾಗಿತ್ತು. ಆದರೆ ಈಗ ಸ್ವಂತ ಸಚಿವರ ವಿರುದ್ಧವೇ ಯಾವುದೇ ಕ್ರಮ ಕೈಗೊಂಡಿಲ್ಲ ಎಂದು ಅವರು ಆರೋಪಿಸಿದರು.

ಸರ್ಕಾರ ಈ ಪ್ರಕರಣದ ಸಿಬಿಐ ತನಿಖೆಗೆ ಒಪ್ಪಿಸಬೇಕು ಎಂದು ಒತ್ತಾಯಿಸಿ ಬಿಜೆಪಿ ಮತ್ತು ಜೆಡಿಎಸ್ ಸಂಯುಕ್ತವಾಗಿ ಹೋರಾಟ ನಡೆಸಲಿವೆ ಎಂದು ತಿಳಿಸಿದರು.

ರಾಜ್ಯಸರ್ಕಾರದ ವೈಫಲ್ಯಗಳನ್ನು ಖಂಡಿಸಿ ನಗರದ ಪ್ರೀಡಂ ಪಾರ್ಕ್‍ನಲ್ಲಿ ಬಿಜೆಪಿ ಪಕ್ಷದಿಂದ ಹಮ್ಮಿಕೊಳ್ಳಲಾಗಿದ್ದ ಪ್ರತಿಭಟನೆಯಲ್ಲಿ ಮಾತ್ಯಾಡಿದ ಅಶೋಕ್, ಒಬ್ಬ ಅಧಿಕಾರಿ ಪತ್ರ ಬರೆದು ಆತ್ಮಹತ್ಯೆ ಮಾಡಿಕೊಂಡಿದ್ದಾರೆ. 187 ಕೋಟಿ ಲೂಟಿ ಮಾಡಿದ್ದಾರೆ ಎಂದು ಡೆತ್‍ನೋಟ್‍ನಲ್ಲಿ ಉಲ್ಲೇಖಿಸಿದ್ದಾರೆ ಎಂದು ಡೆತ್‍ನೋಟ್‍ನಲ್ಲಿ ಉಲ್ಲೇಖ
